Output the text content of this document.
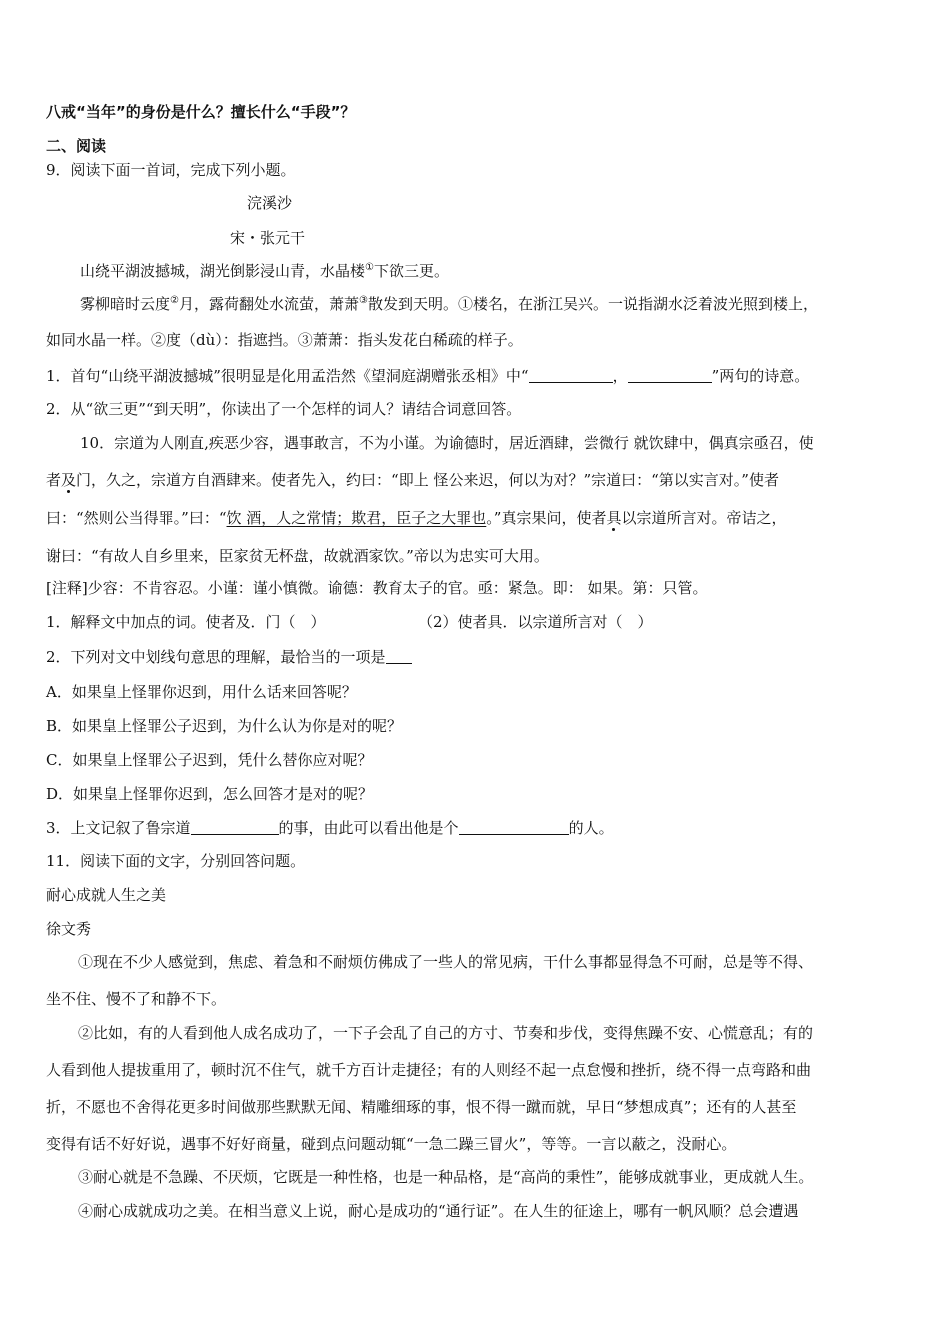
八戒“当年”的身份是什么？擅长什么“手段”？
二、阅读
9．阅读下面一首词，完成下列小题。
浣溪沙
宋・张元干
山绕平湖波撼城，湖光倒影浸山青，水晶楼①下欲三更。
雾柳暗时云度②月，露荷翻处水流萤，萧萧③散发到天明。①楼名，在浙江吴兴。一说指湖水泛着波光照到楼上，
如同水晶一样。②度（dù）：指遮挡。③萧萧：指头发花白稀疏的样子。
1．首句“山绕平湖波撼城”很明显是化用孟浩然《望洞庭湖赠张丞相》中“	，	”两句的诗意。
2．从“欲三更”“到天明”，你读出了一个怎样的词人？请结合词意回答。
10．宗道为人刚直,疾恶少容，遇事敢言，不为小谨。为谕德时，居近酒肆，尝微行 就饮肆中，偶真宗亟召，使
者及门，久之，宗道方自酒肆来。使者先入，约曰：“即上 怪公来迟，何以为对？”宗道曰：“第以实言对。”使者
曰：“然则公当得罪。”曰：“饮 酒，人之常情；欺君，臣子之大罪也。”真宗果问，使者具以宗道所言对。帝诘之，
谢曰：“有故人自乡里来，臣家贫无杯盘，故就酒家饮。”帝以为忠实可大用。
[注释]少容：不肯容忍。小谨：谨小慎微。谕德：教育太子的官。亟：紧急。即： 如果。第：只管。
1．解释文中加点的词。使者及．门（　）	（2）使者具．以宗道所言对（　）
2．下列对文中划线句意思的理解，最恰当的一项是
A．如果皇上怪罪你迟到，用什么话来回答呢？
B．如果皇上怪罪公子迟到，为什么认为你是对的呢？
C．如果皇上怪罪公子迟到，凭什么替你应对呢？
D．如果皇上怪罪你迟到，怎么回答才是对的呢？
3．上文记叙了鲁宗道	的事，由此可以看出他是个	的人。
11．阅读下面的文字，分别回答问题。
耐心成就人生之美
徐文秀
①现在不少人感觉到，焦虑、着急和不耐烦仿佛成了一些人的常见病，干什么事都显得急不可耐，总是等不得、
坐不住、慢不了和静不下。
②比如，有的人看到他人成名成功了，一下子会乱了自己的方寸、节奏和步伐，变得焦躁不安、心慌意乱；有的
人看到他人提拔重用了，顿时沉不住气，就千方百计走捷径；有的人则经不起一点怠慢和挫折，绕不得一点弯路和曲
折，不愿也不舍得花更多时间做那些默默无闻、精雕细琢的事，恨不得一蹴而就，早日“梦想成真”；还有的人甚至
变得有话不好好说，遇事不好好商量，碰到点问题动辄“一急二躁三冒火”，等等。一言以蔽之，没耐心。
③耐心就是不急躁、不厌烦，它既是一种性格，也是一种品格，是“高尚的秉性”，能够成就事业，更成就人生。
④耐心成就成功之美。在相当意义上说，耐心是成功的“通行证”。在人生的征途上，哪有一帆风顺？总会遭遇
